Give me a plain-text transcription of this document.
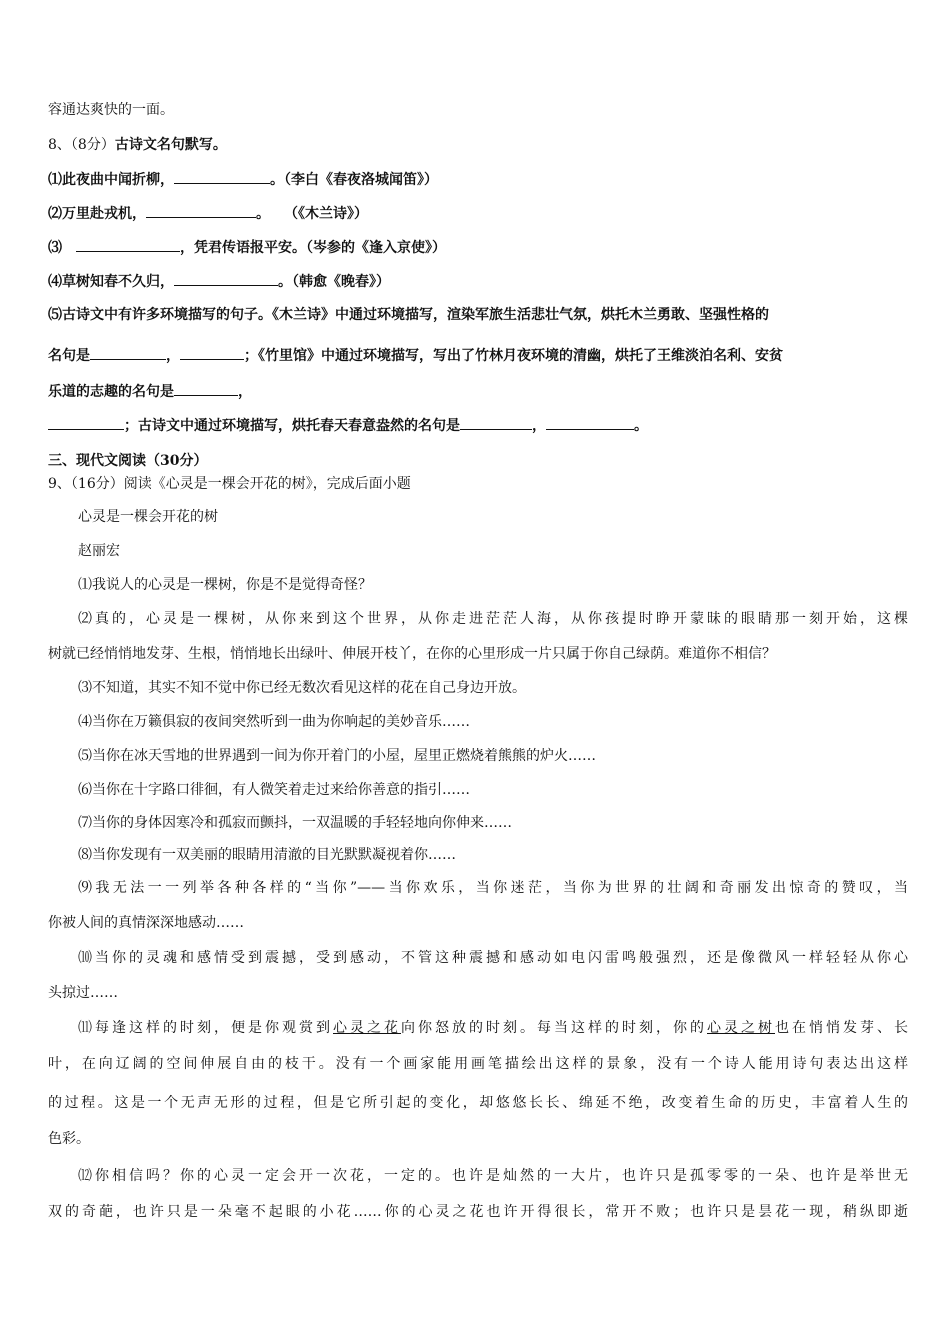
容通达爽快的一面。
8、（8分）古诗文名句默写。
⑴此夜曲中闻折柳，	。（李白《春夜洛城闻笛》）
⑵万里赴戎机，	。　　（《木兰诗》）
⑶　	，凭君传语报平安。（岑参的《逢入京使》）
⑷草树知春不久归，	。（韩愈《晚春》）
⑸古诗文中有许多环境描写的句子。《木兰诗》中通过环境描写，渲染军旅生活悲壮气氛，烘托木兰勇敢、坚强性格的
名句是	，	；《竹里馆》中通过环境描写，写出了竹林月夜环境的清幽，烘托了王维淡泊名利、安贫
乐道的志趣的名句是	，
；古诗文中通过环境描写，烘托春天春意盎然的名句是	，	。
三、现代文阅读（30分）
9、（16分）阅读《心灵是一棵会开花的树》，完成后面小题
心灵是一棵会开花的树
赵丽宏
⑴我说人的心灵是一棵树，你是不是觉得奇怪？
⑵真的，心灵是一棵树，从你来到这个世界，从你走进茫茫人海，从你孩提时睁开蒙昧的眼睛那一刻开始，这棵
树就已经悄悄地发芽、生根，悄悄地长出绿叶、伸展开枝丫，在你的心里形成一片只属于你自己绿荫。难道你不相信？
⑶不知道，其实不知不觉中你已经无数次看见这样的花在自己身边开放。
⑷当你在万籁俱寂的夜间突然听到一曲为你响起的美妙音乐……
⑸当你在冰天雪地的世界遇到一间为你开着门的小屋，屋里正燃烧着熊熊的炉火……
⑹当你在十字路口徘徊，有人微笑着走过来给你善意的指引……
⑺当你的身体因寒冷和孤寂而颤抖，一双温暖的手轻轻地向你伸来……
⑻当你发现有一双美丽的眼睛用清澈的目光默默凝视着你……
⑼我无法一一列举各种各样的“当你”——当你欢乐，当你迷茫，当你为世界的壮阔和奇丽发出惊奇的赞叹，当
你被人间的真情深深地感动……
⑽当你的灵魂和感情受到震撼，受到感动，不管这种震撼和感动如电闪雷鸣般强烈，还是像微风一样轻轻从你心
头掠过……
⑾每逢这样的时刻，便是你观赏到心灵之花向你怒放的时刻。每当这样的时刻，你的心灵之树也在悄悄发芽、长
叶，在向辽阔的空间伸展自由的枝干。没有一个画家能用画笔描绘出这样的景象，没有一个诗人能用诗句表达出这样
的过程。这是一个无声无形的过程，但是它所引起的变化，却悠悠长长、绵延不绝，改变着生命的历史，丰富着人生的
色彩。
⑿你相信吗？你的心灵一定会开一次花，一定的。也许是灿然的一大片，也许只是孤零零的一朵、也许是举世无
双的奇葩，也许只是一朵毫不起眼的小花……你的心灵之花也许开得很长，常开不败；也许只是昙花一现，稍纵即逝
